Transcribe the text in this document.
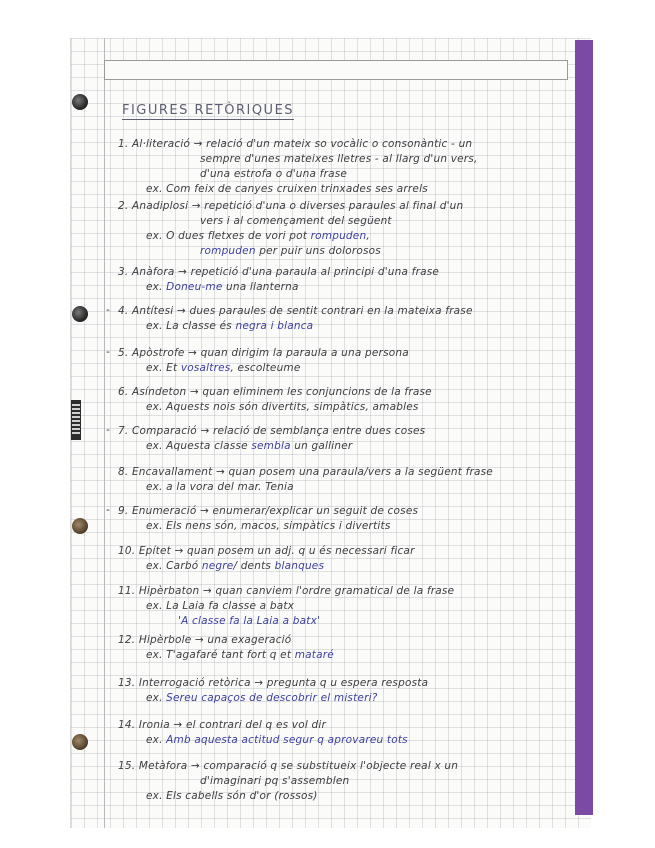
FIGURES RETÒRIQUES
1. Al·literació → relació d'un mateix so vocàlic o consonàntic - un
sempre d'unes mateixes lletres - al llarg d'un vers,
d'una estrofa o d'una frase
ex. Com feix de canyes cruixen trinxades ses arrels
2. Anadiplosi → repetició d'una o diverses paraules al final d'un
vers i al començament del següent
ex. O dues fletxes de vori pot rompuden,
rompuden per puir uns dolorosos
3. Anàfora → repetició d'una paraula al principi d'una frase
ex. Doneu-me una llanterna
- 4. Antítesi → dues paraules de sentit contrari en la mateixa frase
ex. La classe és negra i blanca
- 5. Apòstrofe → quan dirigim la paraula a una persona
ex. Et vosaltres, escolteume
6. Asíndeton → quan eliminem les conjuncions de la frase
ex. Aquests nois són divertits, simpàtics, amables
- 7. Comparació → relació de semblança entre dues coses
ex. Aquesta classe sembla un galliner
8. Encavallament → quan posem una paraula/vers a la següent frase
ex. a la vora del mar. Tenia
- 9. Enumeració → enumerar/explicar un seguit de coses
ex. Els nens són, macos, simpàtics i divertits
10. Epítet → quan posem un adj. q u és necessari ficar
ex. Carbó negre/ dents blanques
11. Hipèrbaton → quan canviem l'ordre gramatical de la frase
ex. La Laia fa classe a batx
'A classe fa la Laia a batx'
12. Hipèrbole → una exageració
ex. T'agafaré tant fort q et mataré
13. Interrogació retòrica → pregunta q u espera resposta
ex. Sereu capaços de descobrir el misteri?
14. Ironia → el contrari del q es vol dir
ex. Amb aquesta actitud segur q aprovareu tots
15. Metàfora → comparació q se substitueix l'objecte real x un
d'imaginari pq s'assemblen
ex. Els cabells són d'or (rossos)
